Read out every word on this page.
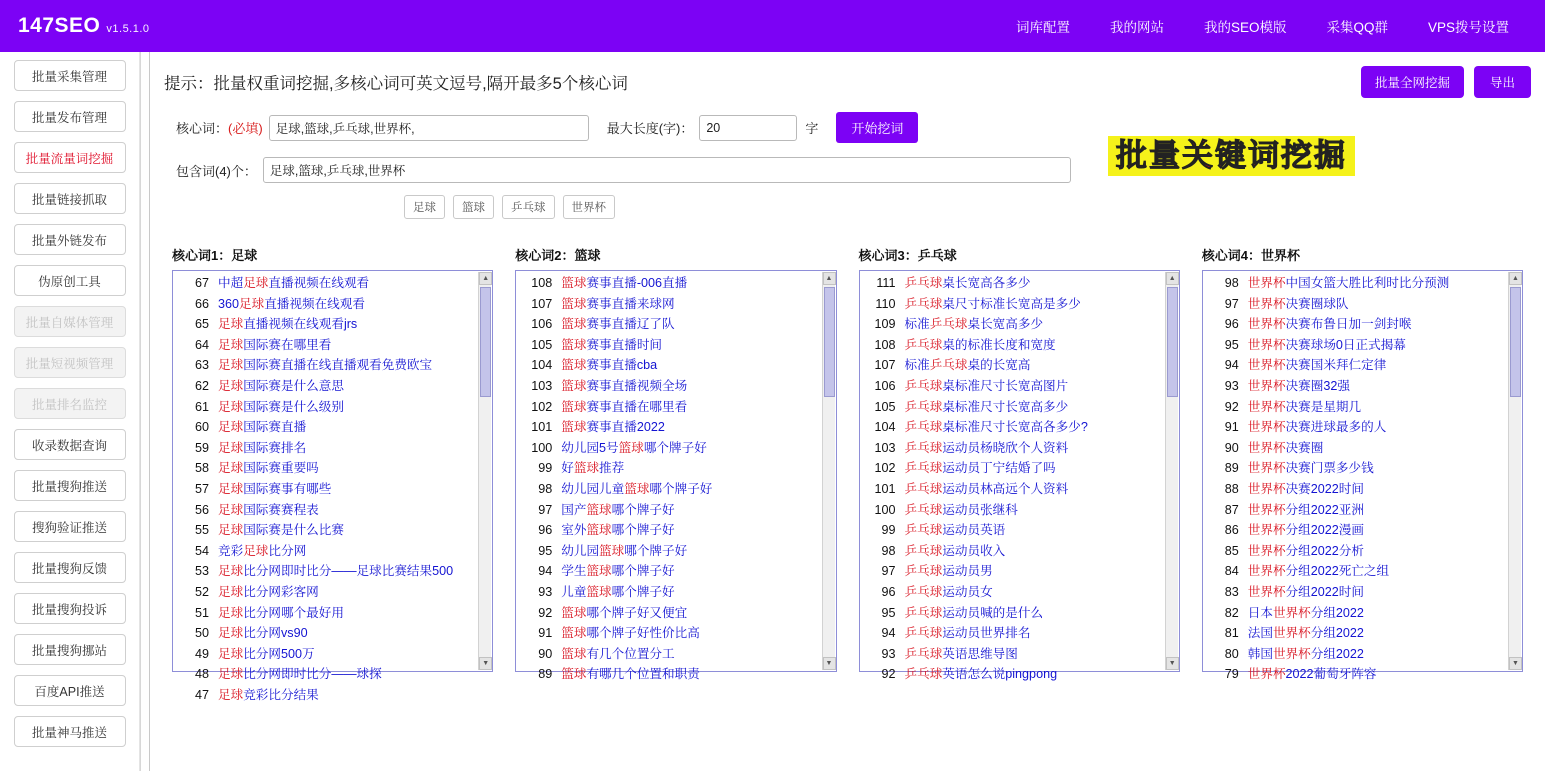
147SEO v1.5.1.0	词库配置	我的网站	我的SEO模版	采集QQ群	VPS拨号设置
批量采集管理
批量发布管理
批量流量词挖掘
批量链接抓取
批量外链发布
伪原创工具
批量自媒体管理
批量短视频管理
批量排名监控
收录数据查询
批量搜狗推送
搜狗验证推送
批量搜狗反馈
批量搜狗投诉
批量搜狗挪站
百度API推送
批量神马推送
提示：批量权重词挖掘,多核心词可英文逗号,隔开最多5个核心词	批量全网挖掘	导出
核心词：(必填)
足球,篮球,乒乓球,世界杯,	最大长度(字)：
20	字	开始挖词
包含词(4)个：
足球,篮球,乒乓球,世界杯
足球	篮球	乒乓球	世界杯
批量关键词挖掘
核心词1：足球
67 中超足球直播视频在线观看
66 360足球直播视频在线观看
65 足球直播视频在线观看jrs
64 足球国际赛在哪里看
63 足球国际赛直播在线直播观看免费欧宝
62 足球国际赛是什么意思
61 足球国际赛是什么级别
60 足球国际赛直播
59 足球国际赛排名
58 足球国际赛重要吗
57 足球国际赛事有哪些
56 足球国际赛赛程表
55 足球国际赛是什么比赛
54 竞彩足球比分网
53 足球比分网即时比分——足球比赛结果500
52 足球比分网彩客网
51 足球比分网哪个最好用
50 足球比分网vs90
49 足球比分网500万
48 足球比分网即时比分——球探
47 足球竞彩比分结果
▲
▼
核心词2：篮球
108 篮球赛事直播-006直播
107 篮球赛事直播来球网
106 篮球赛事直播辽了队
105 篮球赛事直播时间
104 篮球赛事直播cba
103 篮球赛事直播视频全场
102 篮球赛事直播在哪里看
101 篮球赛事直播2022
100 幼儿园5号篮球哪个牌子好
99 好篮球推荐
98 幼儿园儿童篮球哪个牌子好
97 国产篮球哪个牌子好
96 室外篮球哪个牌子好
95 幼儿园篮球哪个牌子好
94 学生篮球哪个牌子好
93 儿童篮球哪个牌子好
92 篮球哪个牌子好又便宜
91 篮球哪个牌子好性价比高
90 篮球有几个位置分工
89 篮球有哪几个位置和职责
▲
▼
核心词3：乒乓球
111 乒乓球桌长宽高各多少
110 乒乓球桌尺寸标准长宽高是多少
109 标准乒乓球桌长宽高多少
108 乒乓球桌的标准长度和宽度
107 标准乒乓球桌的长宽高
106 乒乓球桌标准尺寸长宽高图片
105 乒乓球桌标准尺寸长宽高多少
104 乒乓球桌标准尺寸长宽高各多少?
103 乒乓球运动员杨晓欣个人资料
102 乒乓球运动员丁宁结婚了吗
101 乒乓球运动员林高远个人资料
100 乒乓球运动员张继科
99 乒乓球运动员英语
98 乒乓球运动员收入
97 乒乓球运动员男
96 乒乓球运动员女
95 乒乓球运动员喊的是什么
94 乒乓球运动员世界排名
93 乒乓球英语思维导图
92 乒乓球英语怎么说pingpong
▲
▼
核心词4：世界杯
98 世界杯中国女篮大胜比利时比分预测
97 世界杯决赛圈球队
96 世界杯决赛布鲁日加一剑封喉
95 世界杯决赛球场0日正式揭幕
94 世界杯决赛国米拜仁定律
93 世界杯决赛圈32强
92 世界杯决赛是星期几
91 世界杯决赛进球最多的人
90 世界杯决赛圈
89 世界杯决赛门票多少钱
88 世界杯决赛2022时间
87 世界杯分组2022亚洲
86 世界杯分组2022漫画
85 世界杯分组2022分析
84 世界杯分组2022死亡之组
83 世界杯分组2022时间
82 日本世界杯分组2022
81 法国世界杯分组2022
80 韩国世界杯分组2022
79 世界杯2022葡萄牙阵容
▲
▼
